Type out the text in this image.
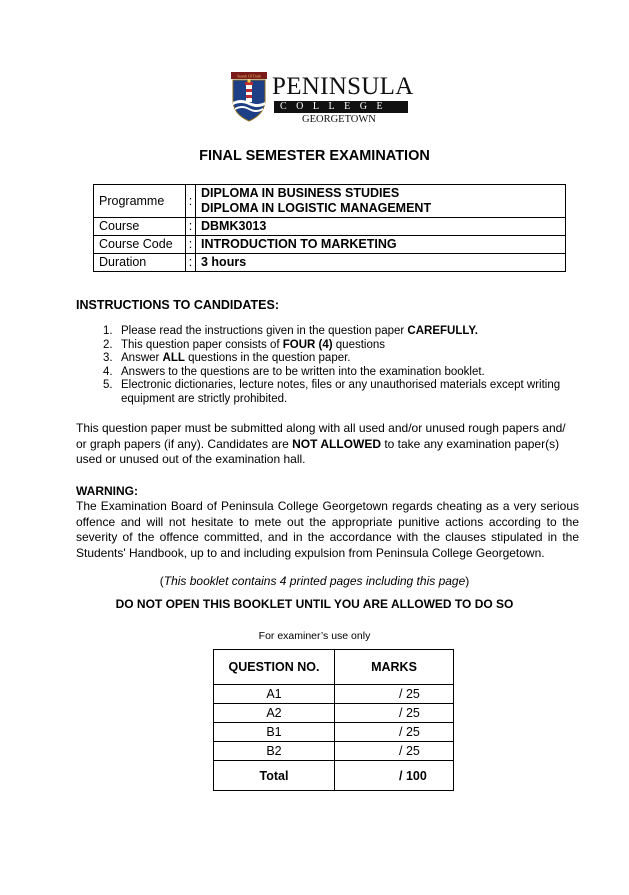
Search Of Truth PENINSULA
COLLEGE
GEORGETOWN
FINAL SEMESTER EXAMINATION
Programme	:	DIPLOMA IN BUSINESS STUDIES
DIPLOMA IN LOGISTIC MANAGEMENT

Course	:	DBMK3013
Course Code	:	INTRODUCTION TO MARKETING
Duration	:	3 hours
INSTRUCTIONS TO CANDIDATES:
1. Please read the instructions given in the question paper CAREFULLY.
2. This question paper consists of FOUR (4) questions
3. Answer ALL questions in the question paper.
4. Answers to the questions are to be written into the examination booklet.
5. Electronic dictionaries, lecture notes, files or any unauthorised materials except writing equipment are strictly prohibited.
This question paper must be submitted along with all used and/or unused rough papers and/ or graph papers (if any). Candidates are NOT ALLOWED to take any examination paper(s) used or unused out of the examination hall.
WARNING:
The Examination Board of Peninsula College Georgetown regards cheating as a very serious offence and will not hesitate to mete out the appropriate punitive actions according to the severity of the offence committed, and in the accordance with the clauses stipulated in the Students' Handbook, up to and including expulsion from Peninsula College Georgetown.
(This booklet contains 4 printed pages including this page)
DO NOT OPEN THIS BOOKLET UNTIL YOU ARE ALLOWED TO DO SO
For examiner’s use only
QUESTION NO.	MARKS
A1	/ 25
A2	/ 25
B1	/ 25
B2	/ 25
Total	/ 100
